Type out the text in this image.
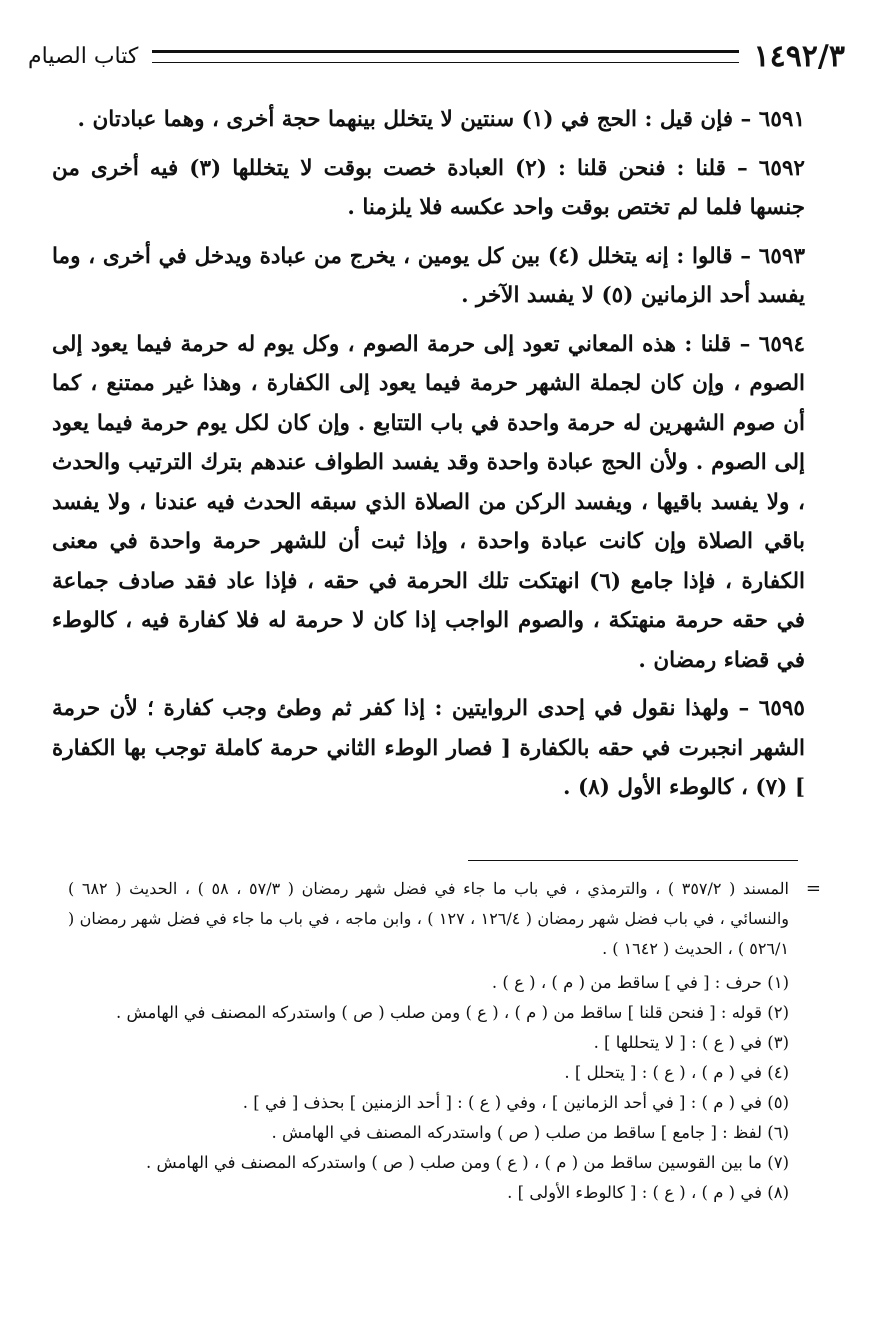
١٤٩٢/٣
كتاب الصيام

٦٥٩١ – فإن قيل : الحج في (١) سنتين لا يتخلل بينهما حجة أخرى ، وهما عبادتان .

٦٥٩٢ – قلنا : فنحن قلنا : (٢) العبادة خصت بوقت لا يتخللها (٣) فيه أخرى من جنسها فلما لم تختص بوقت واحد عكسه فلا يلزمنا .

٦٥٩٣ – قالوا : إنه يتخلل (٤) بين كل يومين ، يخرج من عبادة ويدخل في أخرى ، وما يفسد أحد الزمانين (٥) لا يفسد الآخر .

٦٥٩٤ – قلنا : هذه المعاني تعود إلى حرمة الصوم ، وكل يوم له حرمة فيما يعود إلى الصوم ، وإن كان لجملة الشهر حرمة فيما يعود إلى الكفارة ، وهذا غير ممتنع ، كما أن صوم الشهرين له حرمة واحدة في باب التتابع . وإن كان لكل يوم حرمة فيما يعود إلى الصوم . ولأن الحج عبادة واحدة وقد يفسد الطواف عندهم بترك الترتيب والحدث ، ولا يفسد باقيها ، ويفسد الركن من الصلاة الذي سبقه الحدث فيه عندنا ، ولا يفسد باقي الصلاة وإن كانت عبادة واحدة ، وإذا ثبت أن للشهر حرمة واحدة في معنى الكفارة ، فإذا جامع (٦) انهتكت تلك الحرمة في حقه ، فإذا عاد فقد صادف جماعة في حقه حرمة منهتكة ، والصوم الواجب إذا كان لا حرمة له فلا كفارة فيه ، كالوطء في قضاء رمضان .

٦٥٩٥ – ولهذا نقول في إحدى الروايتين : إذا كفر ثم وطئ وجب كفارة ؛ لأن حرمة الشهر انجبرت في حقه بالكفارة [ فصار الوطء الثاني حرمة كاملة توجب بها الكفارة ] (٧) ، كالوطء الأول (٨) .

=
المسند ( ٣٥٧/٢ ) ، والترمذي ، في باب ما جاء في فضل شهر رمضان ( ٥٧/٣ ، ٥٨ ) ، الحديث ( ٦٨٢ ) والنسائي ، في باب فضل شهر رمضان ( ١٢٦/٤ ، ١٢٧ ) ، وابن ماجه ، في باب ما جاء في فضل شهر رمضان ( ٥٢٦/١ ) ، الحديث ( ١٦٤٢ ) .

(١) حرف : [ في ] ساقط من ( م ) ، ( ع ) .

(٢) قوله : [ فنحن قلنا ] ساقط من ( م ) ، ( ع ) ومن صلب ( ص ) واستدركه المصنف في الهامش .

(٣) في ( ع ) : [ لا يتحللها ] .

(٤) في ( م ) ، ( ع ) : [ يتحلل ] .

(٥) في ( م ) : [ في أحد الزمانين ] ، وفي ( ع ) : [ أحد الزمنين ] بحذف [ في ] .

(٦) لفظ : [ جامع ] ساقط من صلب ( ص ) واستدركه المصنف في الهامش .

(٧) ما بين القوسين ساقط من ( م ) ، ( ع ) ومن صلب ( ص ) واستدركه المصنف في الهامش .

(٨) في ( م ) ، ( ع ) : [ كالوطء الأولى ] .
